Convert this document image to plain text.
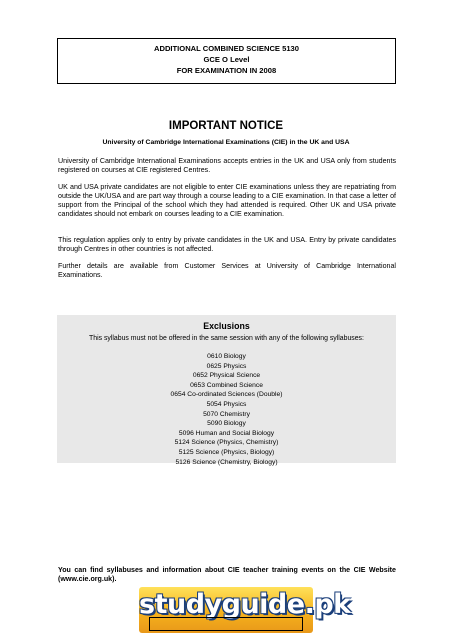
ADDITIONAL COMBINED SCIENCE 5130
GCE O Level
FOR EXAMINATION IN 2008
IMPORTANT NOTICE
University of Cambridge International Examinations (CIE) in the UK and USA

University of Cambridge International Examinations accepts entries in the UK and USA only from students registered on courses at CIE registered Centres.

UK and USA private candidates are not eligible to enter CIE examinations unless they are repatriating from outside the UK/USA and are part way through a course leading to a CIE examination. In that case a letter of support from the Principal of the school which they had attended is required. Other UK and USA private candidates should not embark on courses leading to a CIE examination.

This regulation applies only to entry by private candidates in the UK and USA. Entry by private candidates through Centres in other countries is not affected.

Further details are available from Customer Services at University of Cambridge International Examinations.

Exclusions
This syllabus must not be offered in the same session with any of the following syllabuses:
0610 Biology
0625 Physics
0652 Physical Science
0653 Combined Science
0654 Co-ordinated Sciences (Double)
5054 Physics
5070 Chemistry
5090 Biology
5096 Human and Social Biology
5124 Science (Physics, Chemistry)
5125 Science (Physics, Biology)
5126 Science (Chemistry, Biology)
You can find syllabuses and information about CIE teacher training events on the CIE Website (www.cie.org.uk).
studyguide.pk
